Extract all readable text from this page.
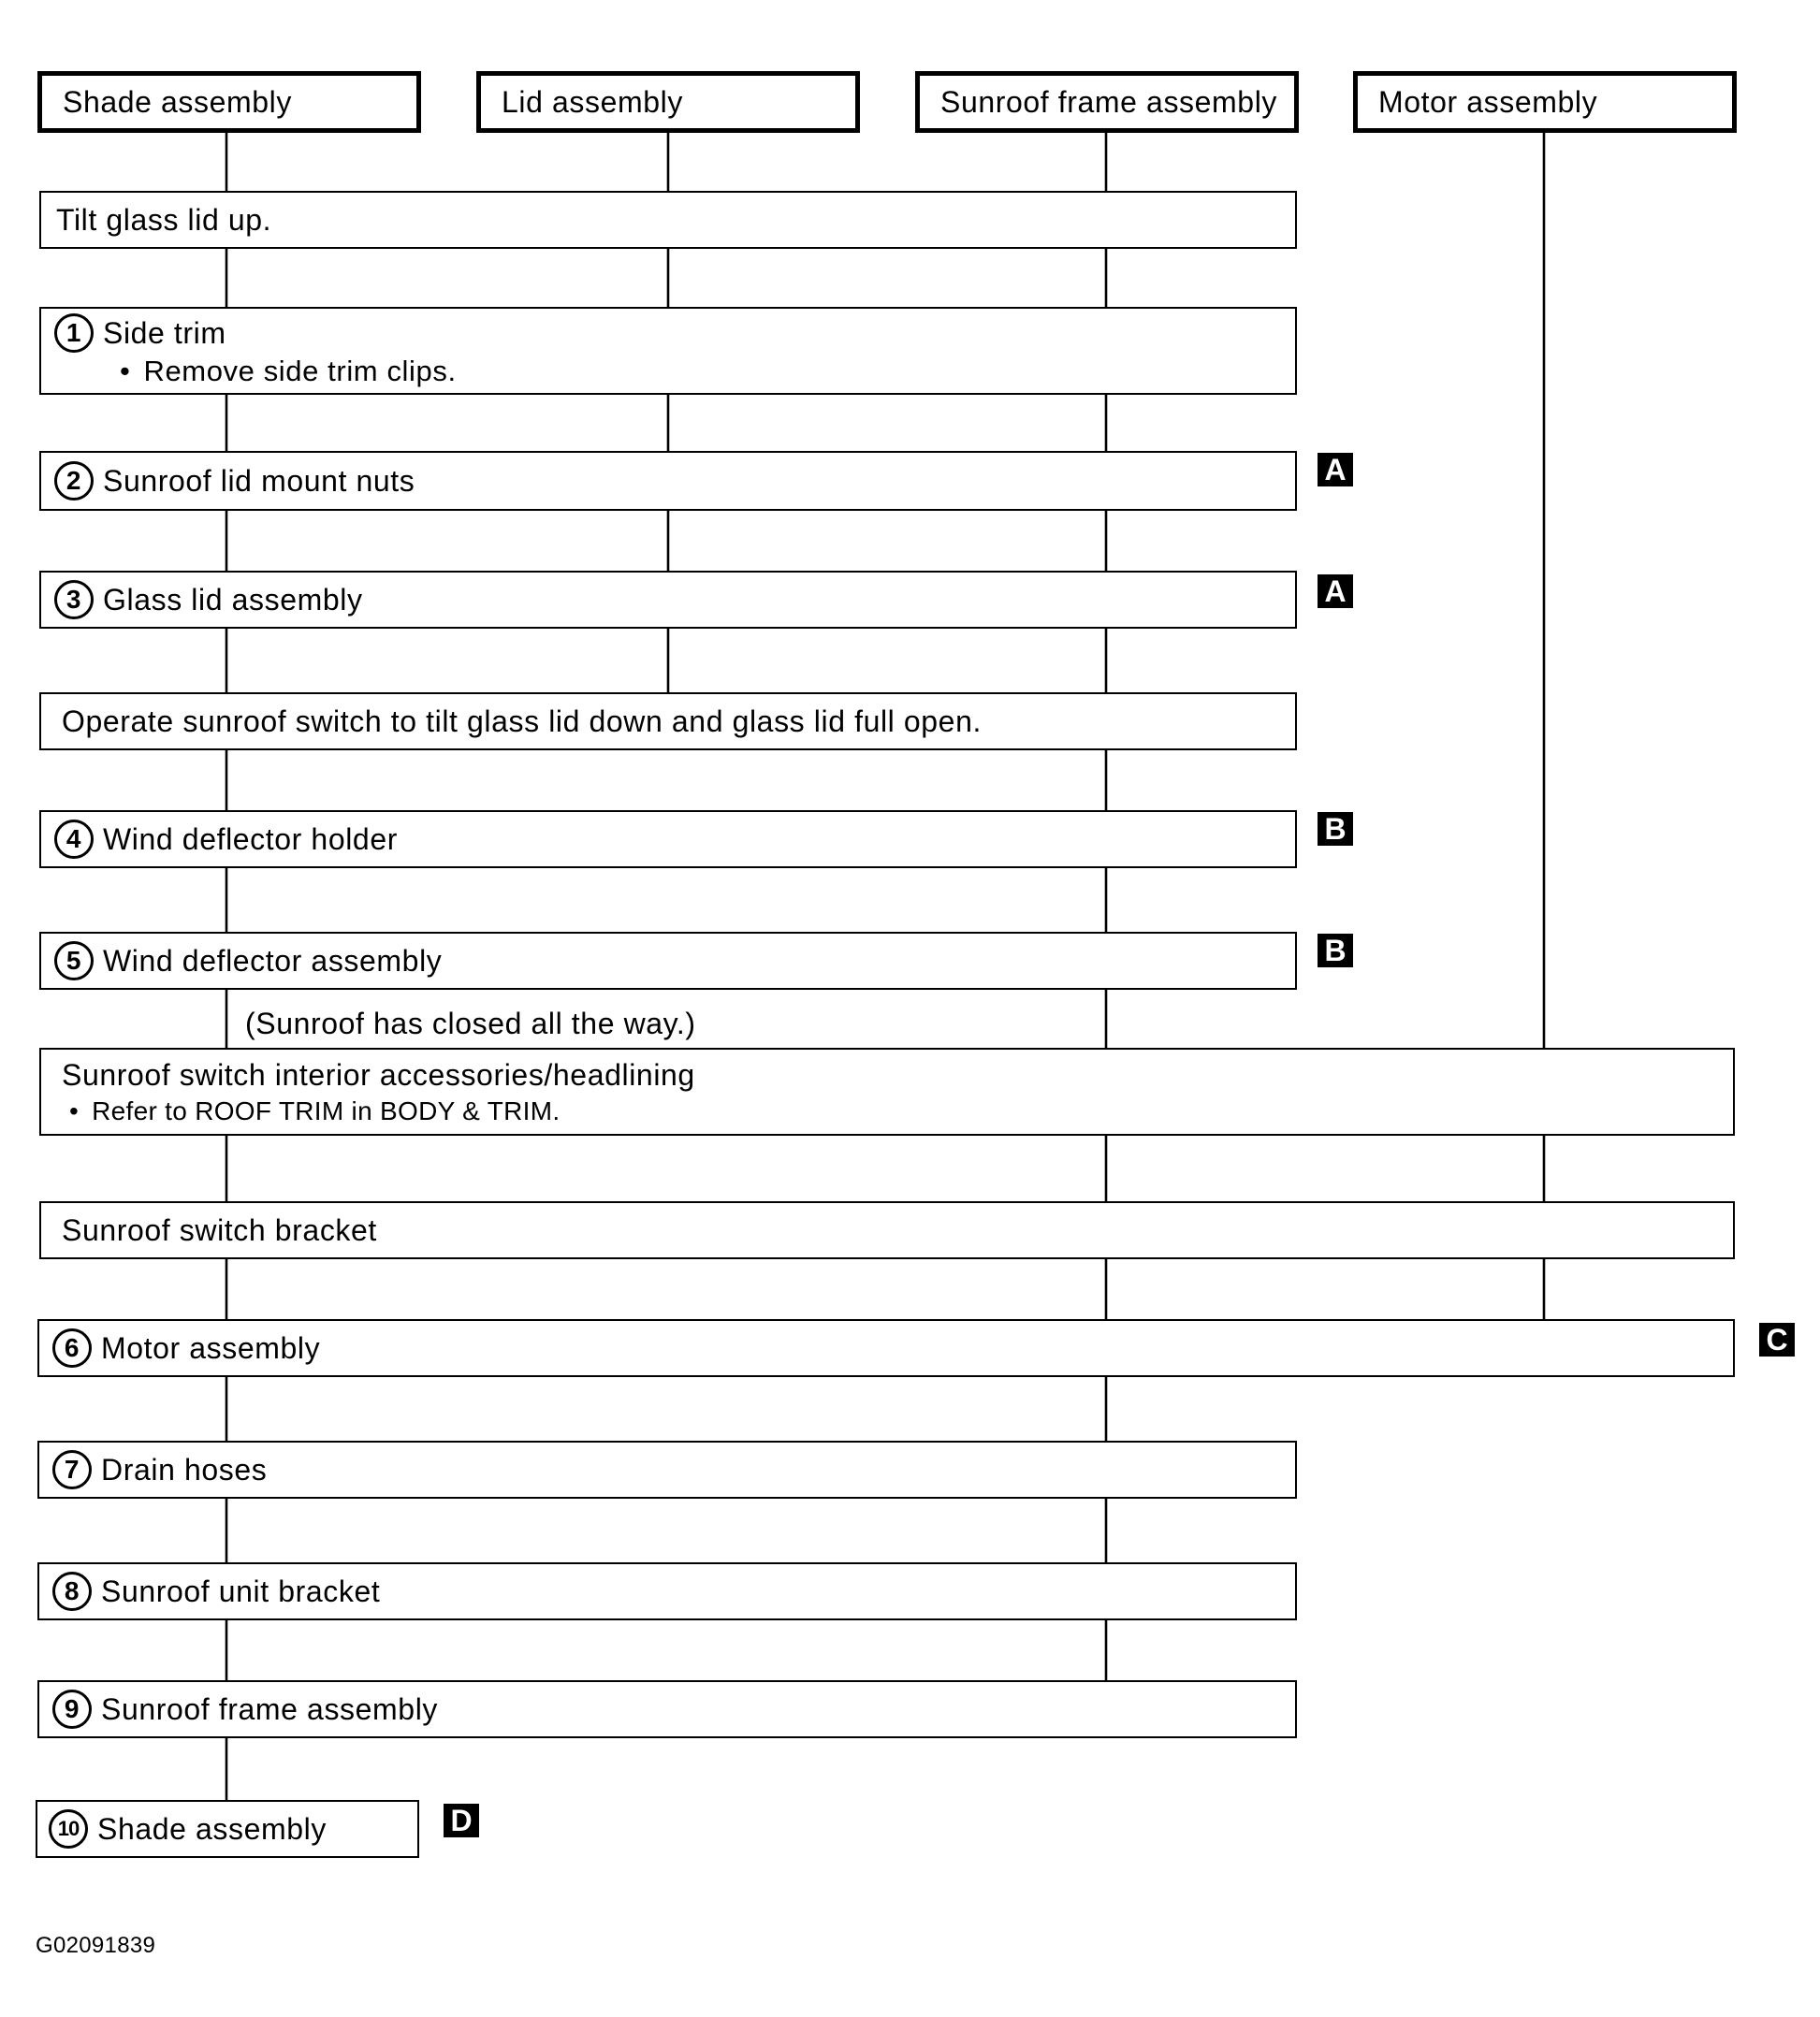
Shade assembly	Lid assembly	Sunroof frame assembly	Motor assembly
Tilt glass lid up.
1 Side trim
• Remove side trim clips.
2 Sunroof lid mount nuts	A
3 Glass lid assembly	A
Operate sunroof switch to tilt glass lid down and glass lid full open.
4 Wind deflector holder	B
5 Wind deflector assembly	B
(Sunroof has closed all the way.)
Sunroof switch interior accessories/headlining
• Refer to ROOF TRIM in BODY & TRIM.
Sunroof switch bracket
6 Motor assembly	C
7 Drain hoses
8 Sunroof unit bracket
9 Sunroof frame assembly
10 Shade assembly	D
G02091839
